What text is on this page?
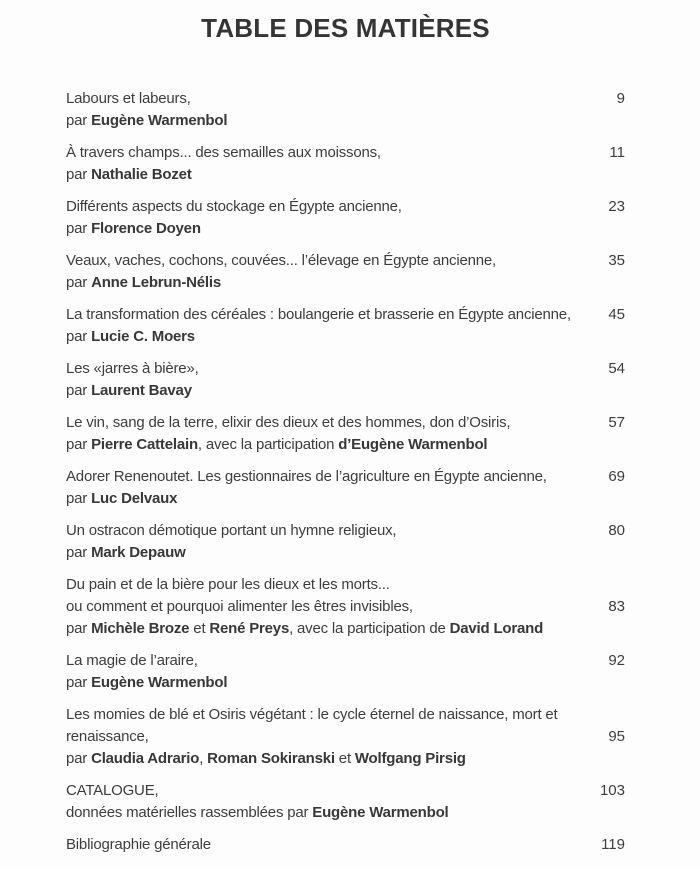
TABLE DES MATIÈRES
Labours et labeurs,	9
par Eugène Warmenbol
À travers champs... des semailles aux moissons,	11
par Nathalie Bozet
Différents aspects du stockage en Égypte ancienne,	23
par Florence Doyen
Veaux, vaches, cochons, couvées... l’élevage en Égypte ancienne,	35
par Anne Lebrun-Nélis
La transformation des céréales : boulangerie et brasserie en Égypte ancienne, 45
par Lucie C. Moers
Les «jarres à bière»,	54
par Laurent Bavay
Le vin, sang de la terre, elixir des dieux et des hommes, don d’Osiris,	57
par Pierre Cattelain, avec la participation d’Eugène Warmenbol
Adorer Renenoutet. Les gestionnaires de l’agriculture en Égypte ancienne,	69
par Luc Delvaux
Un ostracon démotique portant un hymne religieux,	80
par Mark Depauw
Du pain et de la bière pour les dieux et les morts...
ou comment et pourquoi alimenter les êtres invisibles,	83
par Michèle Broze et René Preys, avec la participation de David Lorand
La magie de l’araire,	92
par Eugène Warmenbol
Les momies de blé et Osiris végétant : le cycle éternel de naissance, mort et
renaissance,	95
par Claudia Adrario, Roman Sokiranski et Wolfgang Pirsig
CATALOGUE,	103
données matérielles rassemblées par Eugène Warmenbol
Bibliographie générale	119
